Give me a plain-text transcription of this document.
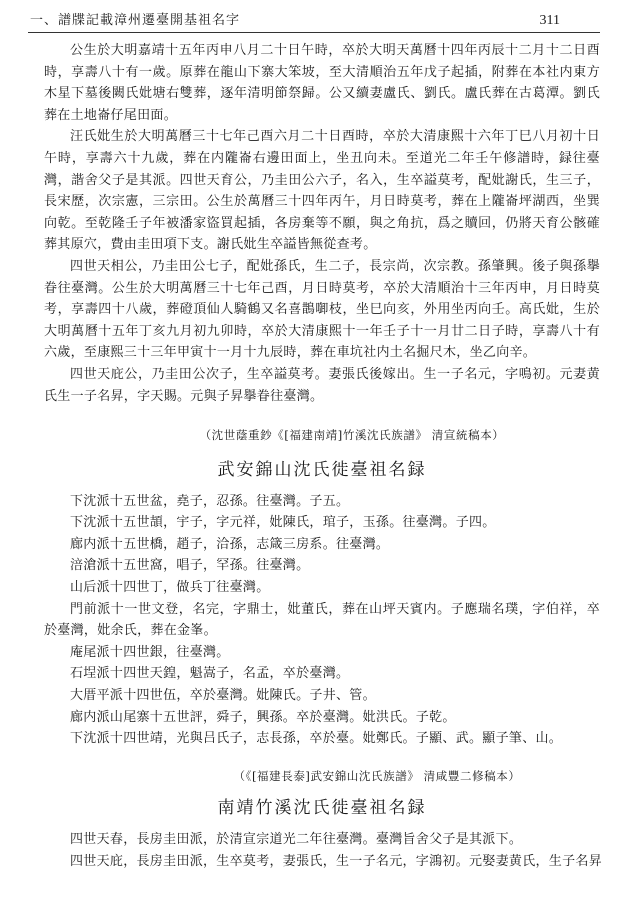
一、譜牒記載漳州遷臺開基祖名字	311

公生於大明嘉靖十五年丙申八月二十日午時，卒於大明天萬曆十四年丙辰十二月十二日酉時，享壽八十有一歲。原葬在龍山下寨大笨坡，至大清順治五年戊子起插，附葬在本社内東方木星下墓後闕氏妣塘右雙葬，逐年清明節祭歸。公又續妻盧氏、劉氏。盧氏葬在古葛潭。劉氏葬在土地崙仔尾田面。

汪氏妣生於大明萬曆三十七年己酉六月二十日酉時，卒於大清康熙十六年丁巳八月初十日午時，享壽六十九歲，葬在内隴崙右邊田面上，坐丑向未。至道光二年壬午修譜時，録往臺灣，諧舍父子是其派。四世天育公，乃圭田公六子，名入，生卒謚莫考，配妣謝氏，生三子，長宋歷，次宗憲，三宗田。公生於萬曆三十四年丙午，月日時莫考，葬在上隴崙坪湖西，坐巽向乾。至乾隆壬子年被潘家盜買起插，各房棄等不願，與之角抗，爲之贖回，仍將天育公骸確葬其原穴，費由圭田項下支。謝氏妣生卒謚皆無從查考。

四世天相公，乃圭田公七子，配妣孫氏，生二子，長宗尚，次宗教。孫肇興。後子與孫擧眷往臺灣。公生於大明萬曆三十七年己酉，月日時莫考，卒於大清順治十三年丙申，月日時莫考，享壽四十八歲，葬磴頂仙人騎鶴又名喜鵲啣枝，坐巳向亥，外用坐丙向壬。高氏妣，生於大明萬曆十五年丁亥九月初九卯時，卒於大清康熙十一年壬子十一月廿二日子時，享壽八十有六歲，至康熙三十三年甲寅十一月十九辰時，葬在車坑社内土名掘尺木，坐乙向辛。

四世天庇公，乃圭田公次子，生卒謚莫考。妻張氏後嫁出。生一子名元，字鳴初。元妻黄氏生一子名昇，字天賜。元與子昇擧眷往臺灣。

（沈世蔭重鈔《[福建南靖]竹溪沈氏族譜》 清宣統稿本）

武安錦山沈氏徙臺祖名録

下沈派十五世盆，堯子，忍孫。往臺灣。子五。

下沈派十五世頡，宇子，字元祥，妣陳氏，琯子，玉孫。往臺灣。子四。

廊内派十五世橋，趙子，洽孫，志箴三房系。往臺灣。

涪滄派十五世窩，唱子，罕孫。往臺灣。

山后派十四世丁，做兵丁往臺灣。

門前派十一世文登，名完，字鼎士，妣董氏，葬在山坪天賓内。子應瑞名璞，字伯祥，卒於臺灣，妣余氏，葬在金峯。

庵尾派十四世銀，往臺灣。

石埕派十四世天鍠，魁嵩子，名孟，卒於臺灣。

大厝平派十四世伍，卒於臺灣。妣陳氏。子井、管。

廊内派山尾寨十五世評，舜子，興孫。卒於臺灣。妣洪氏。子乾。

下沈派十四世靖，光與吕氏子，志長孫，卒於臺。妣鄭氏。子顯、武。顯子筆、山。

（《[福建長泰]武安錦山沈氏族譜》 清咸豐二修稿本）

南靖竹溪沈氏徙臺祖名録

四世天春，長房圭田派，於清宣宗道光二年往臺灣。臺灣旨舍父子是其派下。

四世天庇，長房圭田派，生卒莫考，妻張氏，生一子名元，字鴻初。元娶妻黄氏，生子名昇
